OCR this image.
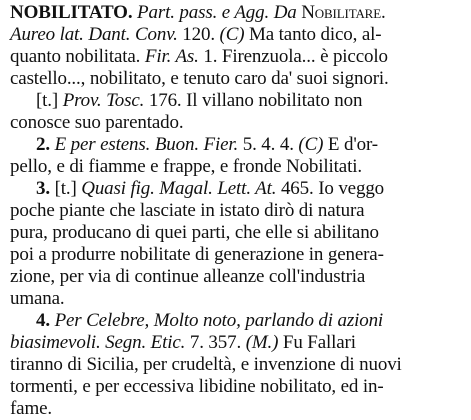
NOBILITATO. Part. pass. e Agg. Da Nobilitare.
Aureo lat. Dant. Conv. 120. (C) Ma tanto dico, al-
quanto nobilitata. Fir. As. 1. Firenzuola... è piccolo
castello..., nobilitato, e tenuto caro da' suoi signori.
[t.] Prov. Tosc. 176. Il villano nobilitato non
conosce suo parentado.
2. E per estens. Buon. Fier. 5. 4. 4. (C) E d'or-
pello, e di fiamme e frappe, e fronde Nobilitati.
3. [t.] Quasi fig. Magal. Lett. At. 465. Io veggo
poche piante che lasciate in istato dirò di natura
pura, producano di quei parti, che elle si abilitano
poi a produrre nobilitate di generazione in genera-
zione, per via di continue alleanze coll'industria
umana.
4. Per Celebre, Molto noto, parlando di azioni
biasimevoli. Segn. Etic. 7. 357. (M.) Fu Fallari
tiranno di Sicilia, per crudeltà, e invenzione di nuovi
tormenti, e per eccessiva libidine nobilitato, ed in-
fame.
